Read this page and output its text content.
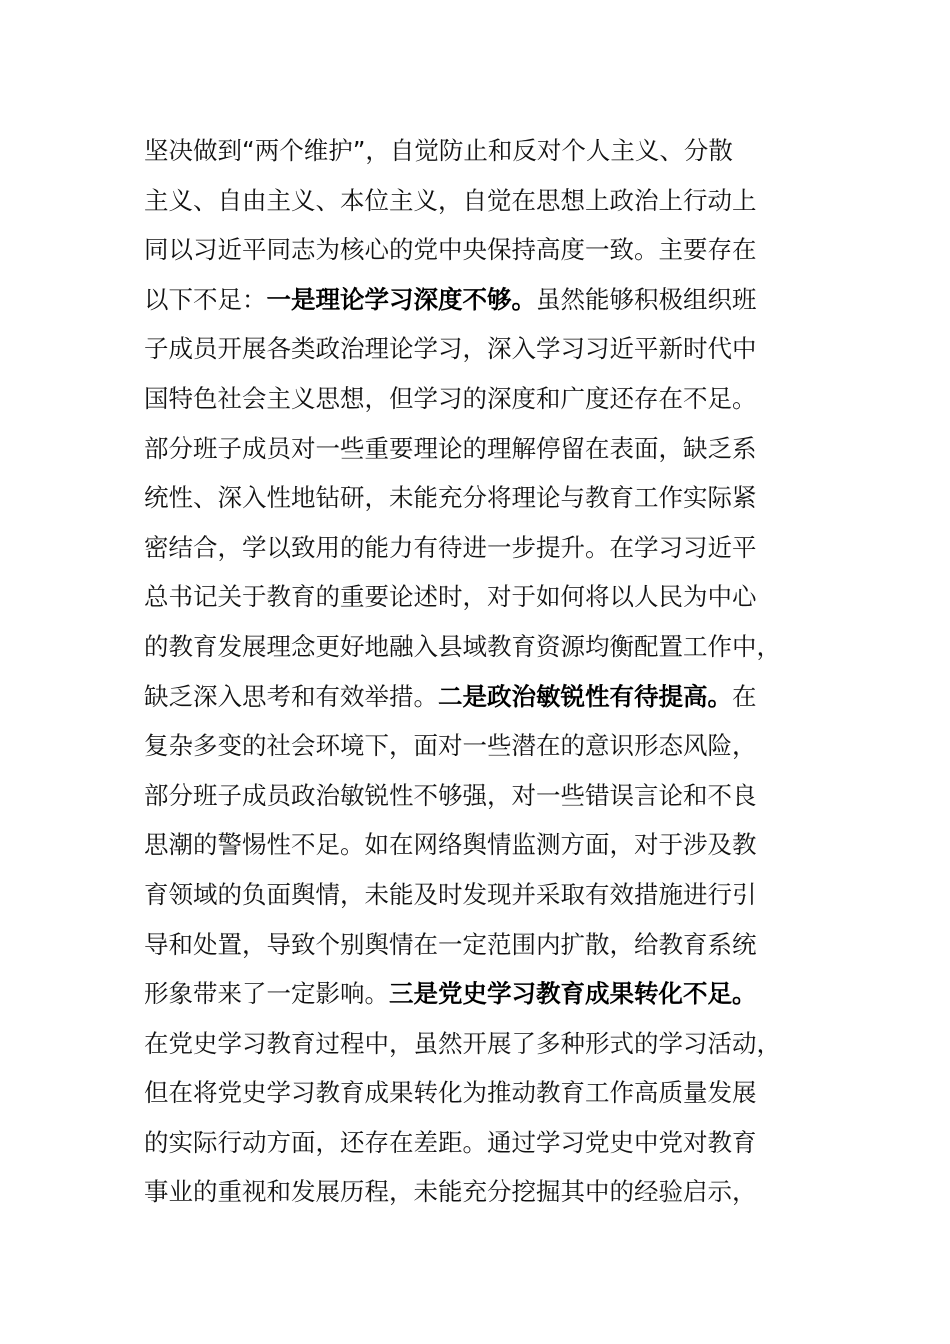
坚决做到“两个维护”，自觉防止和反对个人主义、分散
主义、自由主义、本位主义，自觉在思想上政治上行动上
同以习近平同志为核心的党中央保持高度一致。主要存在
以下不足：一是理论学习深度不够。虽然能够积极组织班
子成员开展各类政治理论学习，深入学习习近平新时代中
国特色社会主义思想，但学习的深度和广度还存在不足。
部分班子成员对一些重要理论的理解停留在表面，缺乏系
统性、深入性地钻研，未能充分将理论与教育工作实际紧
密结合，学以致用的能力有待进一步提升。在学习习近平
总书记关于教育的重要论述时，对于如何将以人民为中心
的教育发展理念更好地融入县域教育资源均衡配置工作中，
缺乏深入思考和有效举措。二是政治敏锐性有待提高。在
复杂多变的社会环境下，面对一些潜在的意识形态风险，
部分班子成员政治敏锐性不够强，对一些错误言论和不良
思潮的警惕性不足。如在网络舆情监测方面，对于涉及教
育领域的负面舆情，未能及时发现并采取有效措施进行引
导和处置，导致个别舆情在一定范围内扩散，给教育系统
形象带来了一定影响。三是党史学习教育成果转化不足。
在党史学习教育过程中，虽然开展了多种形式的学习活动，
但在将党史学习教育成果转化为推动教育工作高质量发展
的实际行动方面，还存在差距。通过学习党史中党对教育
事业的重视和发展历程，未能充分挖掘其中的经验启示，
